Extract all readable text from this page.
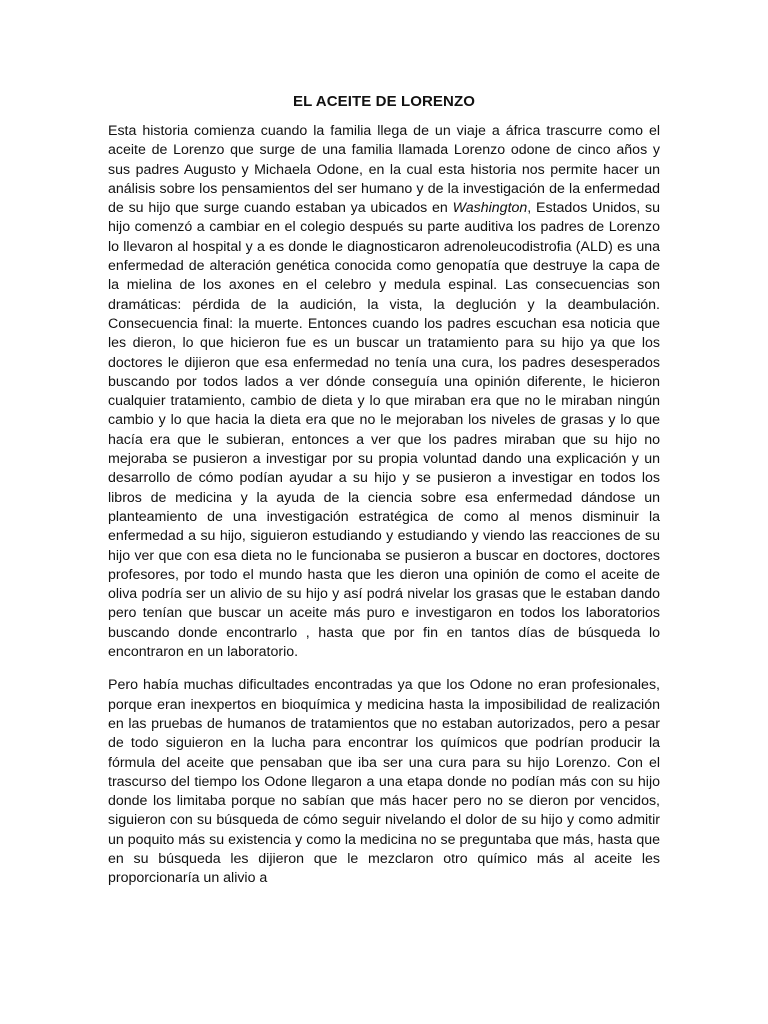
EL ACEITE DE LORENZO

Esta historia comienza cuando la familia llega de un viaje a áfrica trascurre como el aceite de Lorenzo que surge de una familia llamada Lorenzo odone de cinco años y sus padres Augusto y Michaela Odone, en la cual esta historia nos permite hacer un análisis sobre los pensamientos del ser humano y de la investigación de la enfermedad de su hijo que surge cuando estaban ya ubicados en Washington, Estados Unidos, su hijo comenzó a cambiar en el colegio después su parte auditiva los padres de Lorenzo lo llevaron al hospital y a es donde le diagnosticaron adrenoleucodistrofia (ALD) es una enfermedad de alteración genética conocida como genopatía que destruye la capa de la mielina de los axones en el celebro y medula espinal. Las consecuencias son dramáticas: pérdida de la audición, la vista, la deglución y la deambulación. Consecuencia final: la muerte. Entonces cuando los padres escuchan esa noticia que les dieron, lo que hicieron fue es un buscar un tratamiento para su hijo ya que los doctores le dijieron que esa enfermedad no tenía una cura, los padres desesperados buscando por todos lados a ver dónde conseguía una opinión diferente, le hicieron cualquier tratamiento, cambio de dieta y lo que miraban era que no le miraban ningún cambio y lo que hacia la dieta era que no le mejoraban los niveles de grasas y lo que hacía era que le subieran, entonces a ver que los padres miraban que su hijo no mejoraba se pusieron a investigar por su propia voluntad dando una explicación y un desarrollo de cómo podían ayudar a su hijo y se pusieron a investigar en todos los libros de medicina y la ayuda de la ciencia sobre esa enfermedad dándose un planteamiento de una investigación estratégica de como al menos disminuir la enfermedad a su hijo, siguieron estudiando y estudiando y viendo las reacciones de su hijo ver que con esa dieta no le funcionaba se pusieron a buscar en doctores, doctores profesores, por todo el mundo hasta que les dieron una opinión de como el aceite de oliva podría ser un alivio de su hijo y así podrá nivelar los grasas que le estaban dando pero tenían que buscar un aceite más puro e investigaron en todos los laboratorios buscando donde encontrarlo , hasta que por fin en tantos días de búsqueda lo encontraron en un laboratorio.

Pero había muchas dificultades encontradas ya que los Odone no eran profesionales, porque eran inexpertos en bioquímica y medicina hasta la imposibilidad de realización en las pruebas de humanos de tratamientos que no estaban autorizados, pero a pesar de todo siguieron en la lucha para encontrar los químicos que podrían producir la fórmula del aceite que pensaban que iba ser una cura para su hijo Lorenzo. Con el trascurso del tiempo los Odone llegaron a una etapa donde no podían más con su hijo donde los limitaba porque no sabían que más hacer pero no se dieron por vencidos, siguieron con su búsqueda de cómo seguir nivelando el dolor de su hijo y como admitir un poquito más su existencia y como la medicina no se preguntaba que más, hasta que en su búsqueda les dijieron que le mezclaron otro químico más al aceite les proporcionaría un alivio a
